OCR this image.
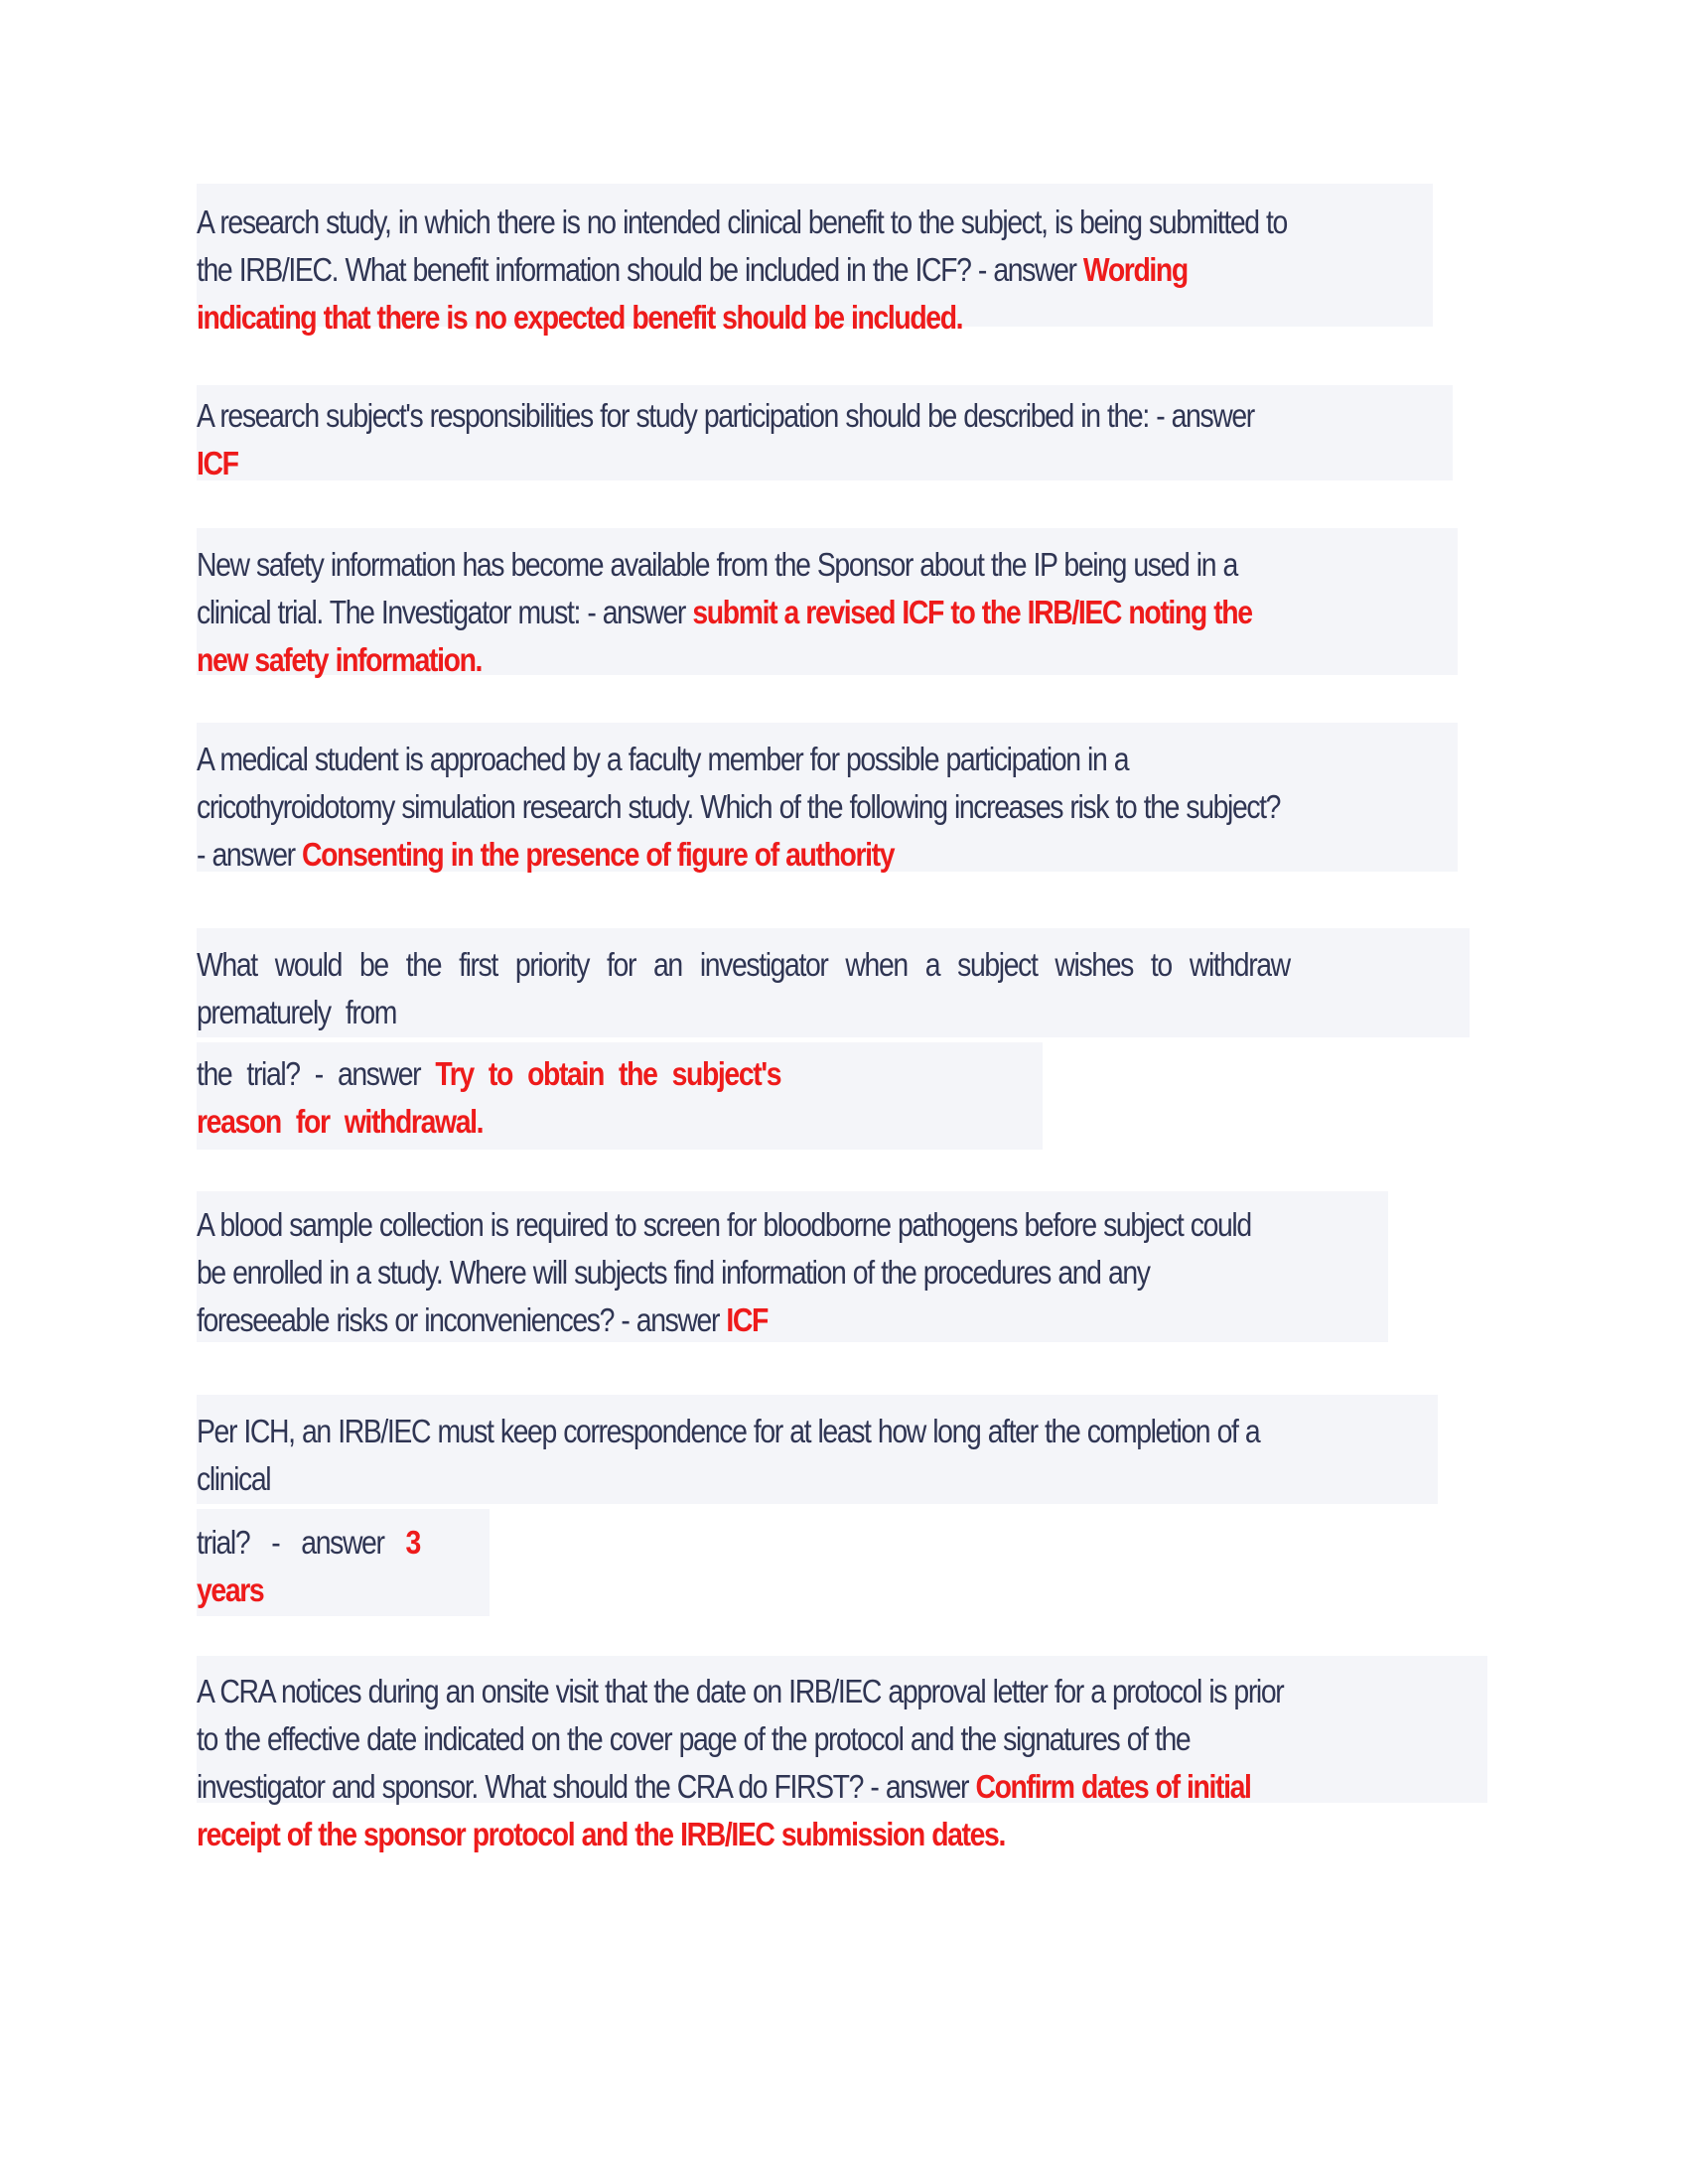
A research study, in which there is no intended clinical benefit to the subject, is being submitted to the IRB/IEC. What benefit information should be included in the ICF? - answer Wording indicating that there is no expected benefit should be included.

A research subject's responsibilities for study participation should be described in the: - answer ICF

New safety information has become available from the Sponsor about the IP being used in a clinical trial. The Investigator must: - answer submit a revised ICF to the IRB/IEC noting the new safety information.

A medical student is approached by a faculty member for possible participation in a cricothyroidotomy simulation research study. Which of the following increases risk to the subject? - answer Consenting in the presence of figure of authority

What would be the first priority for an investigator when a subject wishes to withdraw prematurely from

the trial? - answer Try to obtain the subject's reason for withdrawal.

A blood sample collection is required to screen for bloodborne pathogens before subject could be enrolled in a study. Where will subjects find information of the procedures and any foreseeable risks or inconveniences? - answer ICF

Per ICH, an IRB/IEC must keep correspondence for at least how long after the completion of a clinical

trial? - answer 3 years

A CRA notices during an onsite visit that the date on IRB/IEC approval letter for a protocol is prior to the effective date indicated on the cover page of the protocol and the signatures of the investigator and sponsor. What should the CRA do FIRST? - answer Confirm dates of initial receipt of the sponsor protocol and the IRB/IEC submission dates.
